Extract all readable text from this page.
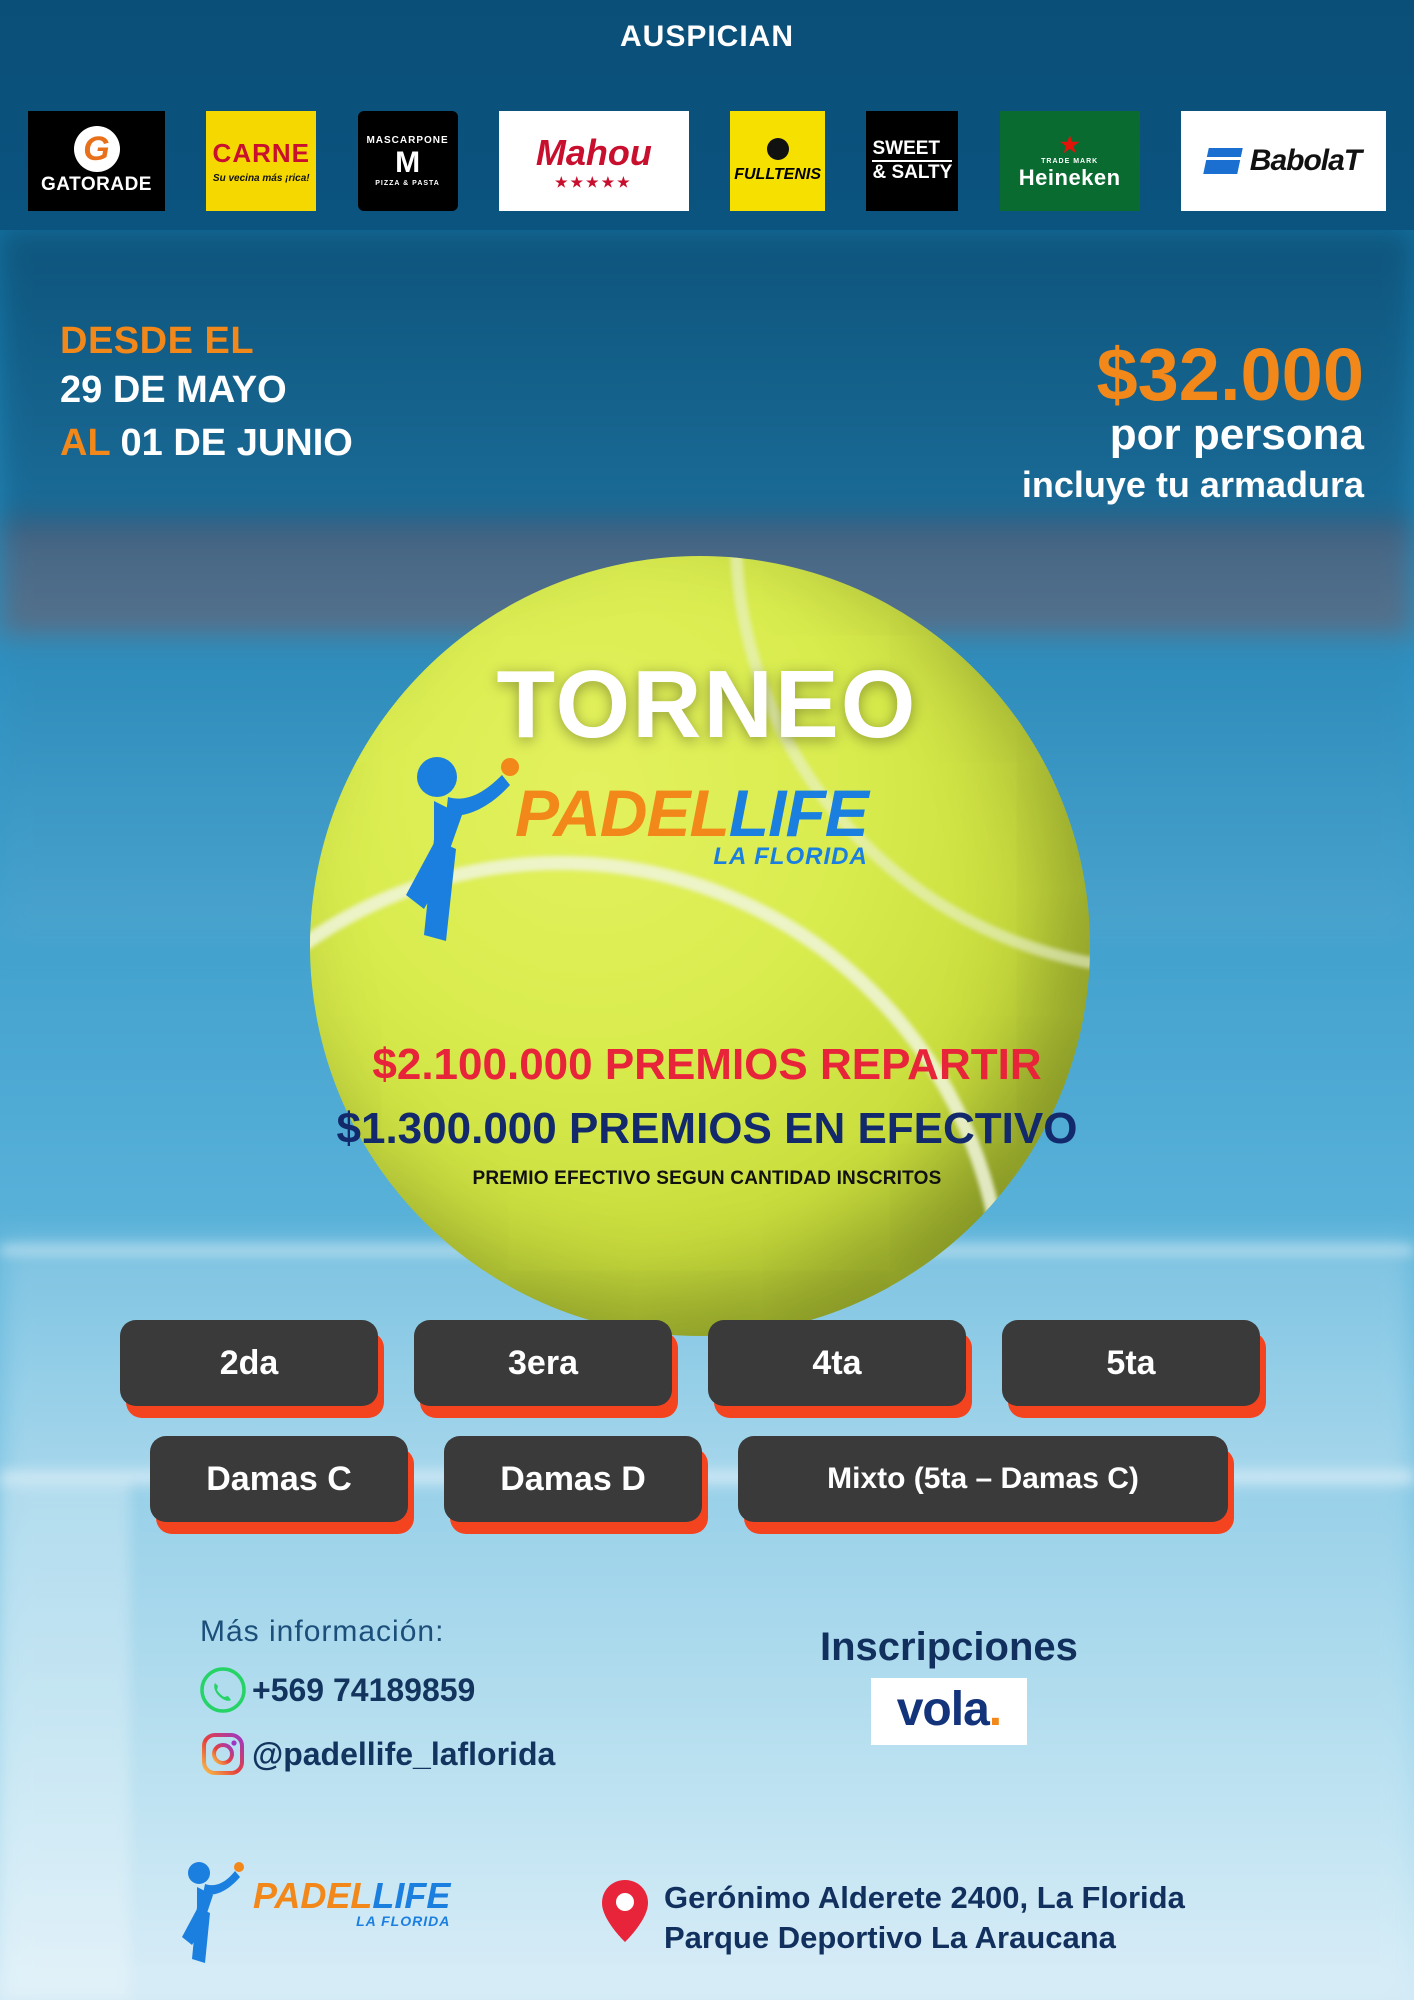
AUSPICIAN
G
GATORADE
CARNE
Su vecina más ¡rica!
MASCARPONE
M
PIZZA & PASTA
Mahou
★★★★★	FULLTENIS
SWEET
& SALTY
★
TRADE MARK
Heineken	BabolaT
DESDE EL
29 DE MAYO
AL 01 DE JUNIO
$32.000
por persona
incluye tu armadura
TORNEO
PADELLIFE
LA FLORIDA
$2.100.000 PREMIOS REPARTIR
$1.300.000 PREMIOS EN EFECTIVO
PREMIO EFECTIVO SEGUN CANTIDAD INSCRITOS
2da	3era	4ta	5ta
Damas C	Damas D	Mixto (5ta – Damas C)
Más información:
+569 74189859
@padellife_laflorida
Inscripciones
vola.
PADELLIFE
LA FLORIDA
Gerónimo Alderete 2400, La Florida
Parque Deportivo La Araucana
